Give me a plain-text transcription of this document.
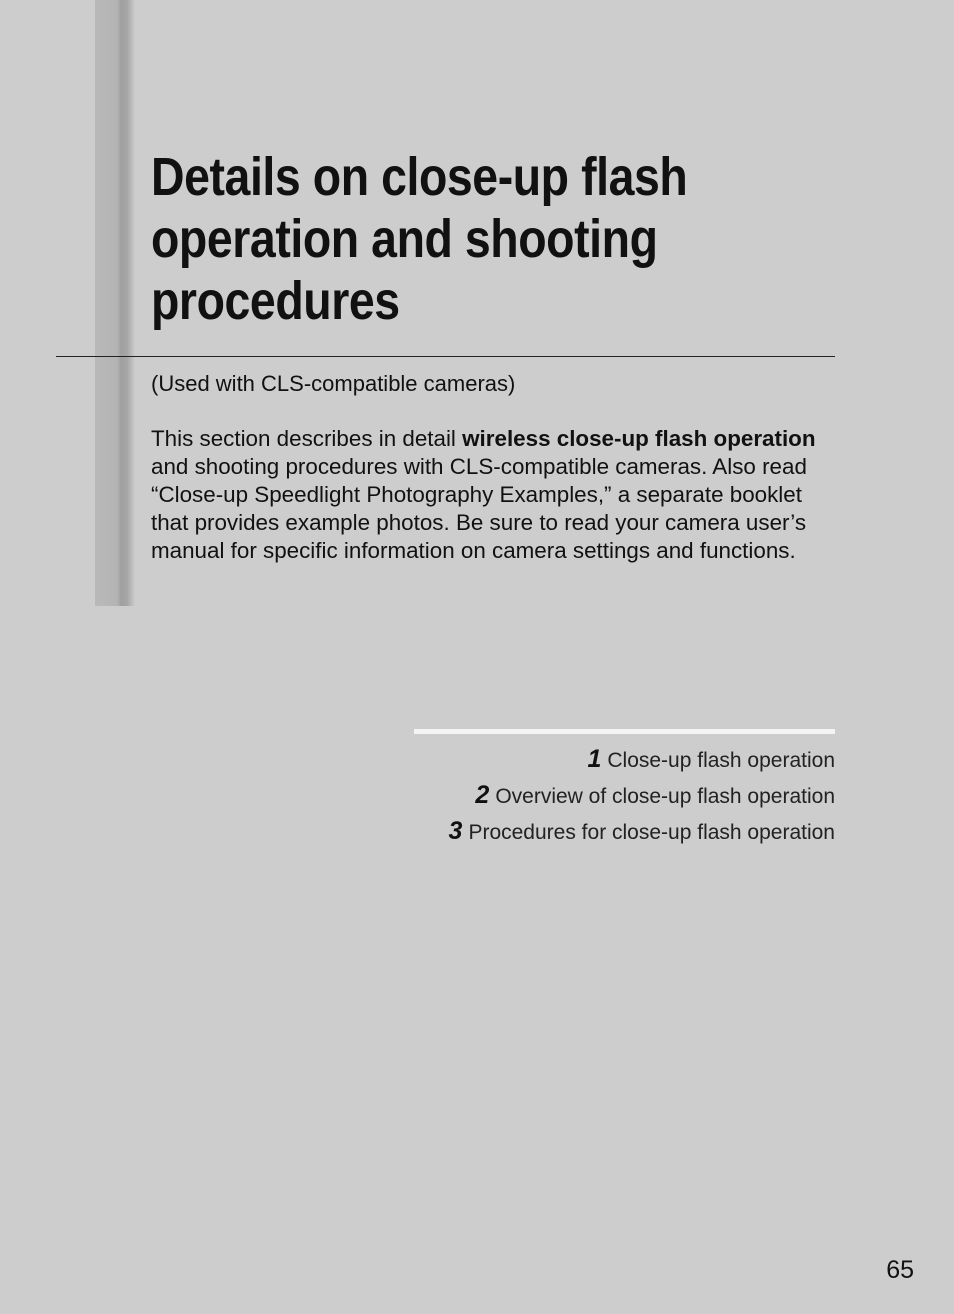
Details on close-up flash
operation and shooting
procedures
(Used with CLS-compatible cameras)

This section describes in detail wireless close-up flash operation and shooting procedures with CLS-compatible cameras. Also read “Close-up Speedlight Photography Examples,” a separate booklet that provides example photos. Be sure to read your camera user’s manual for specific information on camera settings and functions.

1 Close-up flash operation
2 Overview of close-up flash operation
3 Procedures for close-up flash operation
65
